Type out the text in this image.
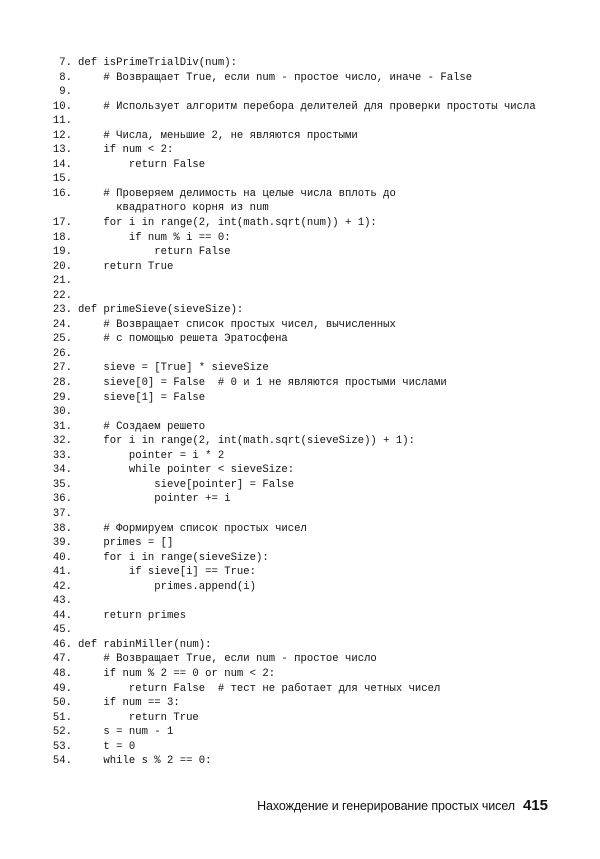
7. def isPrimeTrialDiv(num):
8. # Возвращает True, если num - простое число, иначе - False
9.
10. # Использует алгоритм перебора делителей для проверки простоты числа
11.
12. # Числа, меньшие 2, не являются простыми
13. if num < 2:
14. return False
15.
16. # Проверяем делимость на целые числа вплоть до
квадратного корня из num
17. for i in range(2, int(math.sqrt(num)) + 1):
18. if num % i == 0:
19. return False
20. return True
21.
22.
23. def primeSieve(sieveSize):
24. # Возвращает список простых чисел, вычисленных
25. # с помощью решета Эратосфена
26.
27. sieve = [True] * sieveSize
28. sieve[0] = False  # 0 и 1 не являются простыми числами
29. sieve[1] = False
30.
31. # Создаем решето
32. for i in range(2, int(math.sqrt(sieveSize)) + 1):
33. pointer = i * 2
34. while pointer < sieveSize:
35. sieve[pointer] = False
36. pointer += i
37.
38. # Формируем список простых чисел
39. primes = []
40. for i in range(sieveSize):
41. if sieve[i] == True:
42. primes.append(i)
43.
44. return primes
45.
46. def rabinMiller(num):
47. # Возвращает True, если num - простое число
48. if num % 2 == 0 or num < 2:
49. return False  # тест не работает для четных чисел
50. if num == 3:
51. return True
52. s = num - 1
53. t = 0
54. while s % 2 == 0:
Нахождение и генерирование простых чисел 415
